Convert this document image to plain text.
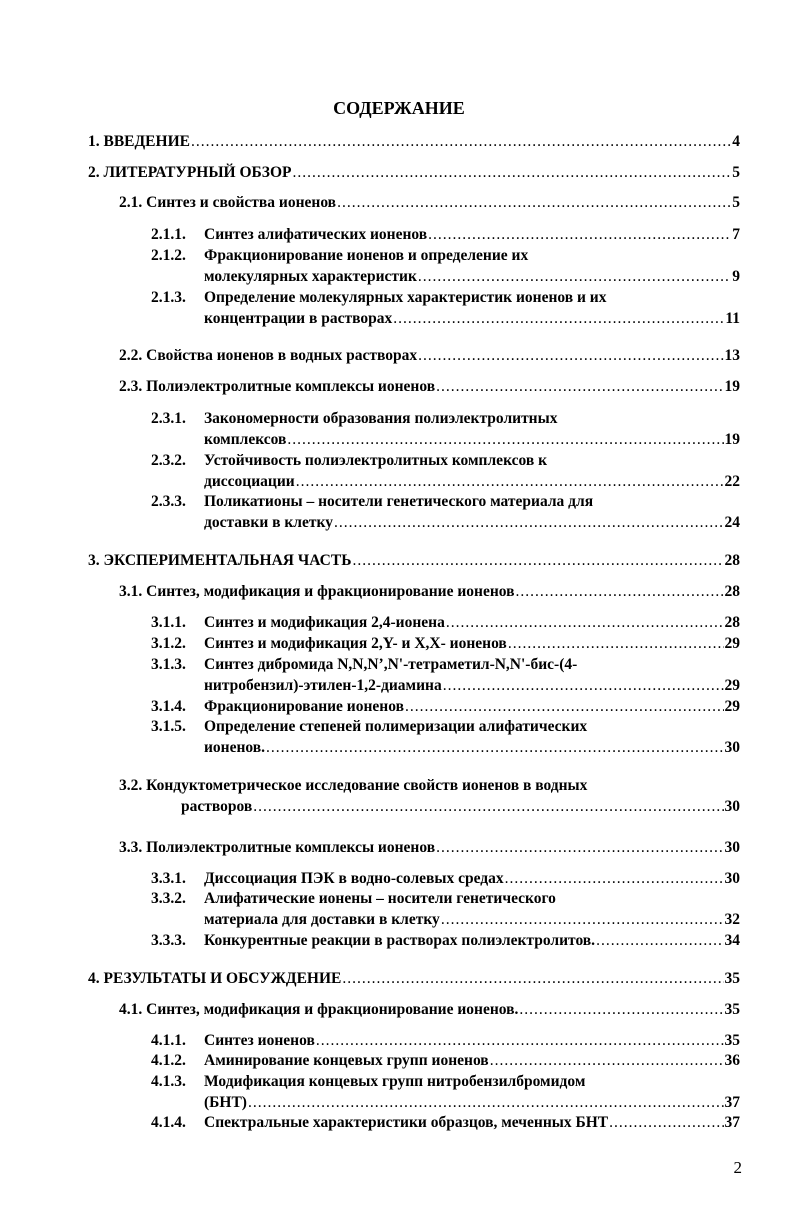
СОДЕРЖАНИЕ
1.
ВВЕДЕНИЕ .....	4
2.
ЛИТЕРАТУРНЫЙ ОБЗОР .....	5
2.1.
Синтез и свойства ионенов .....	5
2.1.1.	Синтез алифатических ионенов .....	7
2.1.2. Фракционирование ионенов и определение их
молекулярных характеристик .....	9
2.1.3. Определение молекулярных характеристик ионенов и их
концентрации в растворах .....	11
2.2.
Свойства ионенов в водных растворах .....	13
2.3.
Полиэлектролитные комплексы ионенов .....	19
2.3.1. Закономерности образования полиэлектролитных
комплексов .....	19
2.3.2. Устойчивость полиэлектролитных комплексов к
диссоциации .....	22
2.3.3. Поликатионы – носители генетического материала для
доставки в клетку .....	24
3.
ЭКСПЕРИМЕНТАЛЬНАЯ ЧАСТЬ .....	28
3.1.
Синтез, модификация и фракционирование ионенов .....	28
3.1.1.	Синтез и модификация 2,4-ионена .....	28
3.1.2.	Синтез и модификация 2,Y- и X,X- ионенов .....	29
3.1.3. Синтез дибромида N,N,N’,N'-тетраметил-N,N'-бис-(4-
нитробензил)-этилен-1,2-диамина .....	29
3.1.4.	Фракционирование ионенов .....	29
3.1.5. Определение степеней полимеризации алифатических
ионенов. .....	30
3.2. Кондуктометрическое исследование свойств ионенов в водных
растворов .....	30
3.3.
Полиэлектролитные комплексы ионенов .....	30
3.3.1.	Диссоциация ПЭК в водно-солевых средах .....	30
3.3.2. Алифатические ионены – носители генетического
материала для доставки в клетку .....	32
3.3.3.	Конкурентные реакции в растворах полиэлектролитов. .....	34
4.
РЕЗУЛЬТАТЫ И ОБСУЖДЕНИЕ .....	35
4.1.
Синтез, модификация и фракционирование ионенов. .....	35
4.1.1.	Синтез ионенов .....	35
4.1.2.	Аминирование концевых групп ионенов .....	36
4.1.3. Модификация концевых групп нитробензилбромидом
(БНТ) .....	37
4.1.4.	Спектральные характеристики образцов, меченных БНТ .....	37
2
